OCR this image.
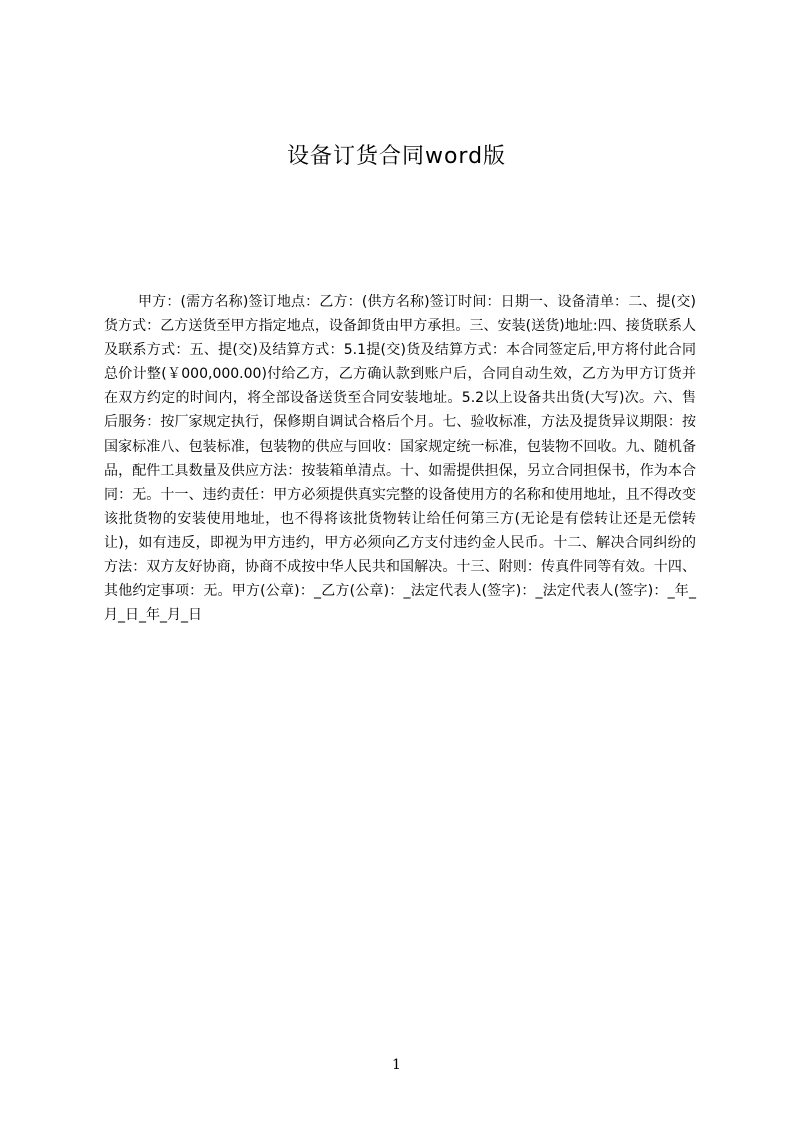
设备订货合同word版

甲方：(需方名称)签订地点：乙方：(供方名称)签订时间：日期一、设备清单：二、提(交)货方式：乙方送货至甲方指定地点，设备卸货由甲方承担。三、安装(送货)地址:四、接货联系人及联系方式：五、提(交)及结算方式：5.1提(交)货及结算方式：本合同签定后,甲方将付此合同总价计整(￥000,000.00)付给乙方，乙方确认款到账户后，合同自动生效，乙方为甲方订货并在双方约定的时间内，将全部设备送货至合同安装地址。5.2以上设备共出货(大写)次。六、售后服务：按厂家规定执行，保修期自调试合格后个月。七、验收标准，方法及提货异议期限：按国家标准八、包装标准，包装物的供应与回收：国家规定统一标准，包装物不回收。九、随机备品，配件工具数量及供应方法：按装箱单清点。十、如需提供担保，另立合同担保书，作为本合同：无。十一、违约责任：甲方必须提供真实完整的设备使用方的名称和使用地址，且不得改变该批货物的安装使用地址，也不得将该批货物转让给任何第三方(无论是有偿转让还是无偿转让)，如有违反，即视为甲方违约，甲方必须向乙方支付违约金人民币。十二、解决合同纠纷的方法：双方友好协商，协商不成按中华人民共和国解决。十三、附则：传真件同等有效。十四、其他约定事项：无。甲方(公章)：_乙方(公章)：_法定代表人(签字)：_法定代表人(签字)：_年_月_日_年_月_日

1
